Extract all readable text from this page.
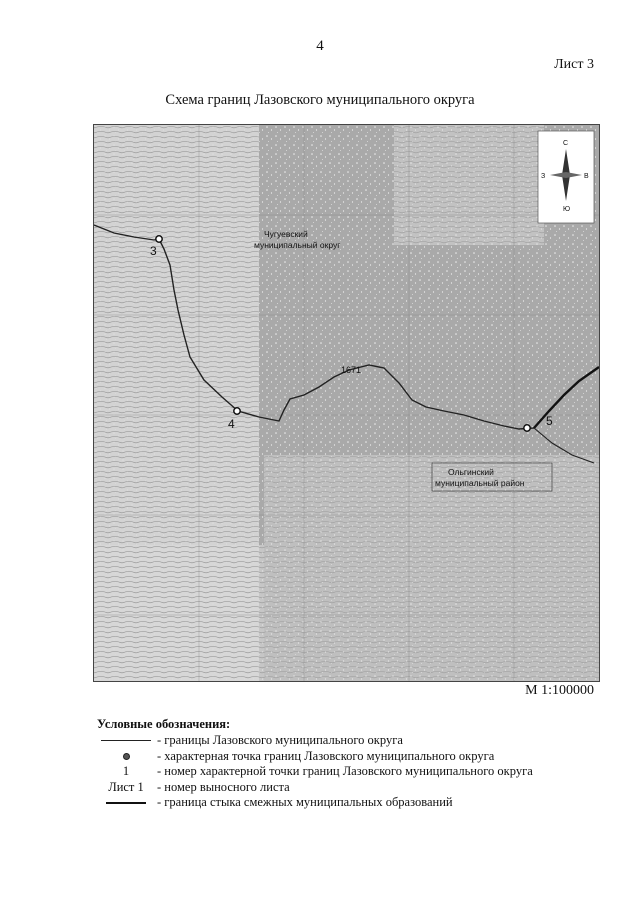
4
Лист 3
Схема границ Лазовского муниципального округа
3
4	5
Чугуевский
муниципальный округ
Ольгинский
муниципальный район
1671
С
Ю
З	В
М 1:100000
Условные обозначения:
- границы Лазовского муниципального округа
- характерная точка границ Лазовского муниципального округа
1	- номер характерной точки границ Лазовского муниципального округа
Лист 1	- номер выносного листа
- граница стыка смежных муниципальных образований
